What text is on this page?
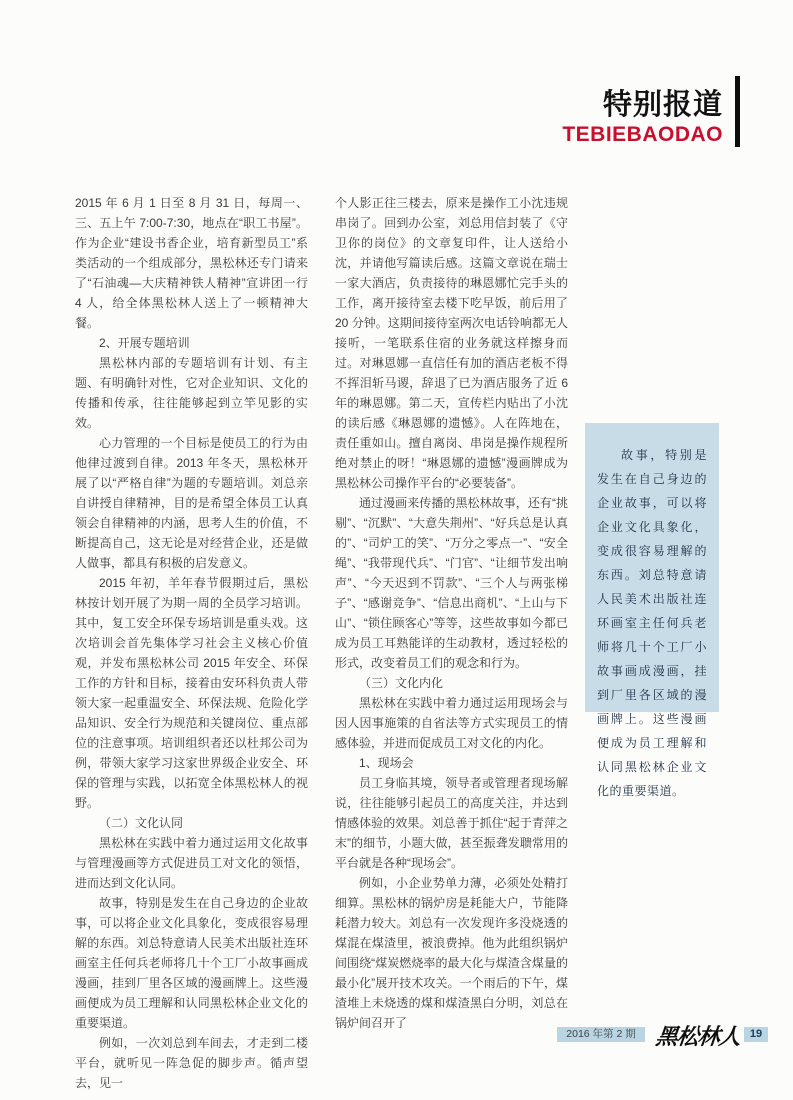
特别报道
TEBIEBAODAO

2015 年 6 月 1 日至 8 月 31 日，每周一、三、五上午 7:00-7:30，地点在“职工书屋”。作为企业“建设书香企业，培育新型员工”系类活动的一个组成部分，黑松林还专门请来了“石油魂—大庆精神铁人精神”宣讲团一行 4 人，给全体黑松林人送上了一顿精神大餐。

2、开展专题培训

黑松林内部的专题培训有计划、有主题、有明确针对性，它对企业知识、文化的传播和传承，往往能够起到立竿见影的实效。

心力管理的一个目标是使员工的行为由他律过渡到自律。2013 年冬天，黑松林开展了以“严格自律”为题的专题培训。刘总亲自讲授自律精神，目的是希望全体员工认真领会自律精神的内涵，思考人生的价值，不断提高自己，这无论是对经营企业，还是做人做事，都具有积极的启发意义。

2015 年初，羊年春节假期过后，黑松林按计划开展了为期一周的全员学习培训。其中，复工安全环保专场培训是重头戏。这次培训会首先集体学习社会主义核心价值观，并发布黑松林公司 2015 年安全、环保工作的方针和目标，接着由安环科负责人带领大家一起重温安全、环保法规、危险化学品知识、安全行为规范和关键岗位、重点部位的注意事项。培训组织者还以杜邦公司为例，带领大家学习这家世界级企业安全、环保的管理与实践，以拓宽全体黑松林人的视野。

（二）文化认同

黑松林在实践中着力通过运用文化故事与管理漫画等方式促进员工对文化的领悟，进而达到文化认同。

故事，特别是发生在自己身边的企业故事，可以将企业文化具象化，变成很容易理解的东西。刘总特意请人民美术出版社连环画室主任何兵老师将几十个工厂小故事画成漫画，挂到厂里各区域的漫画牌上。这些漫画便成为员工理解和认同黑松林企业文化的重要渠道。

例如，一次刘总到车间去，才走到二楼平台，就听见一阵急促的脚步声。循声望去，见一

个人影正往三楼去，原来是操作工小沈违规串岗了。回到办公室，刘总用信封装了《守卫你的岗位》的文章复印件，让人送给小沈，并请他写篇读后感。这篇文章说在瑞士一家大酒店，负责接待的琳恩娜忙完手头的工作，离开接待室去楼下吃早饭，前后用了 20 分钟。这期间接待室两次电话铃响都无人接听，一笔联系住宿的业务就这样擦身而过。对琳恩娜一直信任有加的酒店老板不得不挥泪斩马谡，辞退了已为酒店服务了近 6 年的琳恩娜。第二天，宣传栏内贴出了小沈的读后感《琳恩娜的遗憾》。人在阵地在，责任重如山。擅自离岗、串岗是操作规程所绝对禁止的呀！“琳恩娜的遗憾”漫画牌成为黑松林公司操作平台的“必要装备”。

通过漫画来传播的黑松林故事，还有“挑剔”、“沉默”、“大意失荆州”、“好兵总是认真的”、“司炉工的笑”、“万分之零点一”、“安全绳”、“我带现代兵”、“门官”、“让细节发出响声”、“今天迟到不罚款”、“三个人与两张梯子”、“感谢竞争”、“信息出商机”、“上山与下山”、“锁住顾客心”等等，这些故事如今都已成为员工耳熟能详的生动教材，透过轻松的形式，改变着员工们的观念和行为。

（三）文化内化

黑松林在实践中着力通过运用现场会与因人因事施策的自省法等方式实现员工的情感体验，并进而促成员工对文化的内化。

1、现场会

员工身临其境，领导者或管理者现场解说，往往能够引起员工的高度关注，并达到情感体验的效果。刘总善于抓住“起于青萍之末”的细节，小题大做，甚至振聋发聩常用的平台就是各种“现场会”。

例如，小企业势单力薄，必须处处精打细算。黑松林的锅炉房是耗能大户，节能降耗潜力较大。刘总有一次发现许多没烧透的煤混在煤渣里，被浪费掉。他为此组织锅炉间围绕“煤炭燃烧率的最大化与煤渣含煤量的最小化”展开技术攻关。一个雨后的下午，煤渣堆上未烧透的煤和煤渣黑白分明，刘总在锅炉间召开了

故事，特别是发生在自己身边的企业故事，可以将企业文化具象化，变成很容易理解的东西。刘总特意请人民美术出版社连环画室主任何兵老师将几十个工厂小故事画成漫画，挂到厂里各区域的漫画牌上。这些漫画便成为员工理解和认同黑松林企业文化的重要渠道。

2016 年第 2 期 黑松林人 19
